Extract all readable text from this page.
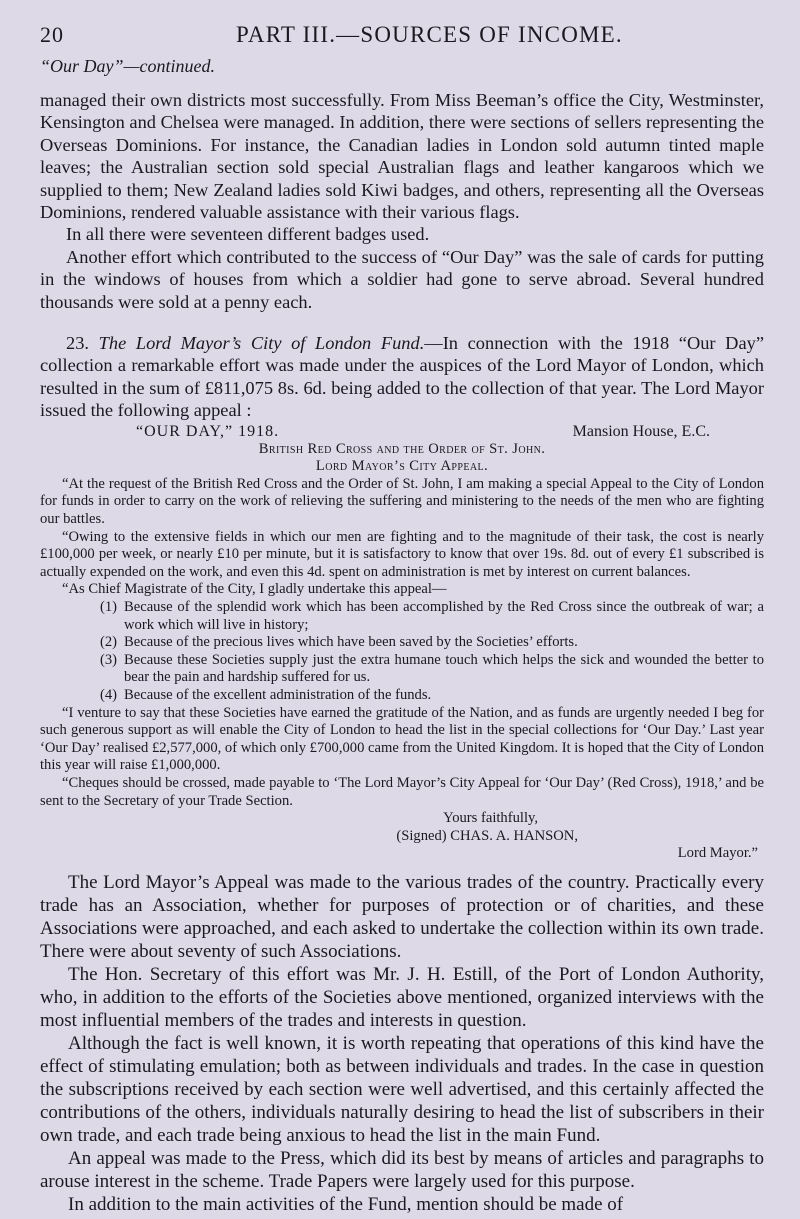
20	PART III.—SOURCES OF INCOME.
“Our Day”—continued.

managed their own districts most successfully. From Miss Beeman’s office the City, Westminster, Kensington and Chelsea were managed. In addition, there were sections of sellers representing the Overseas Dominions. For instance, the Canadian ladies in London sold autumn tinted maple leaves; the Australian section sold special Australian flags and leather kangaroos which we supplied to them; New Zealand ladies sold Kiwi badges, and others, representing all the Overseas Dominions, rendered valuable assistance with their various flags.

In all there were seventeen different badges used.

Another effort which contributed to the success of “Our Day” was the sale of cards for putting in the windows of houses from which a soldier had gone to serve abroad. Several hundred thousands were sold at a penny each.

23. The Lord Mayor’s City of London Fund.—In connection with the 1918 “Our Day” collection a remarkable effort was made under the auspices of the Lord Mayor of London, which resulted in the sum of £811,075 8s. 6d. being added to the collection of that year. The Lord Mayor issued the following appeal :

“OUR DAY,” 1918.	Mansion House, E.C.
British Red Cross and the Order of St. John.
Lord Mayor’s City Appeal.

“At the request of the British Red Cross and the Order of St. John, I am making a special Appeal to the City of London for funds in order to carry on the work of relieving the suffering and ministering to the needs of the men who are fighting our battles.

“Owing to the extensive fields in which our men are fighting and to the magnitude of their task, the cost is nearly £100,000 per week, or nearly £10 per minute, but it is satisfactory to know that over 19s. 8d. out of every £1 subscribed is actually expended on the work, and even this 4d. spent on administration is met by interest on current balances.

“As Chief Magistrate of the City, I gladly undertake this appeal—

(1) Because of the splendid work which has been accomplished by the Red Cross since the outbreak of war; a work which will live in history;
(2) Because of the precious lives which have been saved by the Societies’ efforts.
(3) Because these Societies supply just the extra humane touch which helps the sick and wounded the better to bear the pain and hardship suffered for us.
(4) Because of the excellent administration of the funds.

“I venture to say that these Societies have earned the gratitude of the Nation, and as funds are urgently needed I beg for such generous support as will enable the City of London to head the list in the special collections for ‘Our Day.’ Last year ‘Our Day’ realised £2,577,000, of which only £700,000 came from the United Kingdom. It is hoped that the City of London this year will raise £1,000,000.

“Cheques should be crossed, made payable to ‘The Lord Mayor’s City Appeal for ‘Our Day’ (Red Cross), 1918,’ and be sent to the Secretary of your Trade Section.

Yours faithfully,
(Signed) CHAS. A. HANSON,
Lord Mayor.”

The Lord Mayor’s Appeal was made to the various trades of the country. Practically every trade has an Association, whether for purposes of protection or of charities, and these Associations were approached, and each asked to undertake the collection within its own trade. There were about seventy of such Associations.

The Hon. Secretary of this effort was Mr. J. H. Estill, of the Port of London Authority, who, in addition to the efforts of the Societies above mentioned, organized interviews with the most influential members of the trades and interests in question.

Although the fact is well known, it is worth repeating that operations of this kind have the effect of stimulating emulation; both as between individuals and trades. In the case in question the subscriptions received by each section were well advertised, and this certainly affected the contributions of the others, individuals naturally desiring to head the list of subscribers in their own trade, and each trade being anxious to head the list in the main Fund.

An appeal was made to the Press, which did its best by means of articles and paragraphs to arouse interest in the scheme. Trade Papers were largely used for this purpose.

In addition to the main activities of the Fund, mention should be made of
